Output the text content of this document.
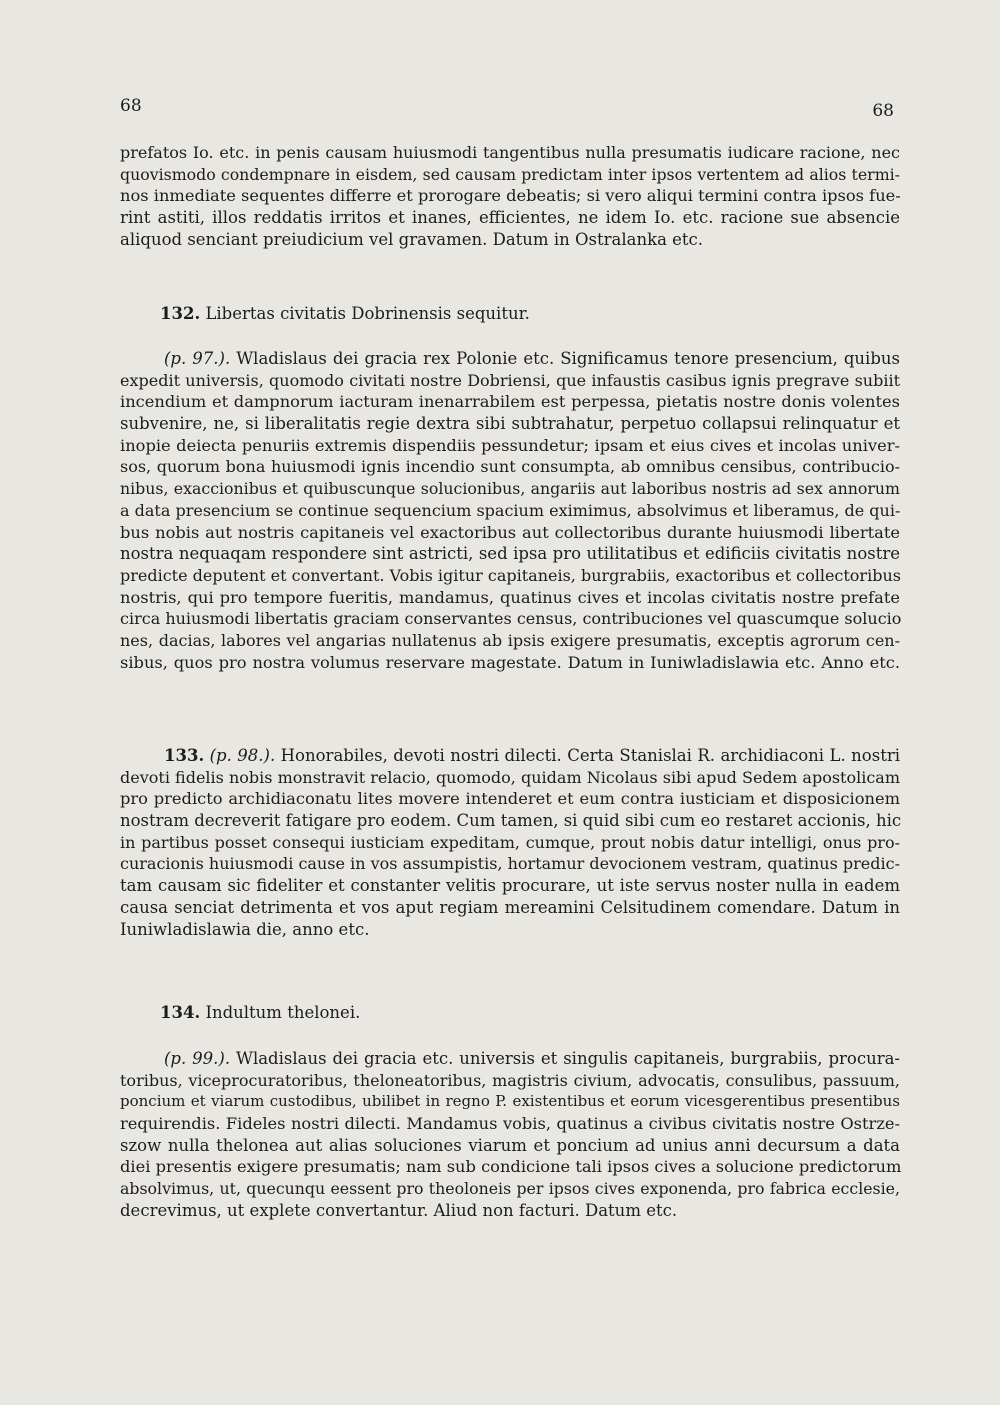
68	68
prefatos Io. etc. in penis causam huiusmodi tangentibus nulla presumatis iudicare racione, nec
quovismodo condempnare in eisdem, sed causam predictam inter ipsos vertentem ad alios termi-
nos inmediate sequentes differre et prorogare debeatis; si vero aliqui termini contra ipsos fue-
rint astiti, illos reddatis irritos et inanes, efficientes, ne idem Io. etc. racione sue absencie
aliquod senciant preiudicium vel gravamen. Datum in Ostralanka etc.
132. Libertas civitatis Dobrinensis sequitur.
(p. 97.). Wladislaus dei gracia rex Polonie etc. Significamus tenore presencium, quibus
expedit universis, quomodo civitati nostre Dobriensi, que infaustis casibus ignis pregrave subiit
incendium et dampnorum iacturam inenarrabilem est perpessa, pietatis nostre donis volentes
subvenire, ne, si liberalitatis regie dextra sibi subtrahatur, perpetuo collapsui relinquatur et
inopie deiecta penuriis extremis dispendiis pessundetur; ipsam et eius cives et incolas univer-
sos, quorum bona huiusmodi ignis incendio sunt consumpta, ab omnibus censibus, contribucio-
nibus, exaccionibus et quibuscunque solucionibus, angariis aut laboribus nostris ad sex annorum
a data presencium se continue sequencium spacium eximimus, absolvimus et liberamus, de qui-
bus nobis aut nostris capitaneis vel exactoribus aut collectoribus durante huiusmodi libertate
nostra nequaqam respondere sint astricti, sed ipsa pro utilitatibus et edificiis civitatis nostre
predicte deputent et convertant. Vobis igitur capitaneis, burgrabiis, exactoribus et collectoribus
nostris, qui pro tempore fueritis, mandamus, quatinus cives et incolas civitatis nostre prefate
circa huiusmodi libertatis graciam conservantes census, contribuciones vel quascumque solucio
nes, dacias, labores vel angarias nullatenus ab ipsis exigere presumatis, exceptis agrorum cen-
sibus, quos pro nostra volumus reservare magestate. Datum in Iuniwladislawia etc. Anno etc.
133. (p. 98.). Honorabiles, devoti nostri dilecti. Certa Stanislai R. archidiaconi L. nostri
devoti fidelis nobis monstravit relacio, quomodo, quidam Nicolaus sibi apud Sedem apostolicam
pro predicto archidiaconatu lites movere intenderet et eum contra iusticiam et disposicionem
nostram decreverit fatigare pro eodem. Cum tamen, si quid sibi cum eo restaret accionis, hic
in partibus posset consequi iusticiam expeditam, cumque, prout nobis datur intelligi, onus pro-
curacionis huiusmodi cause in vos assumpistis, hortamur devocionem vestram, quatinus predic-
tam causam sic fideliter et constanter velitis procurare, ut iste servus noster nulla in eadem
causa senciat detrimenta et vos aput regiam mereamini Celsitudinem comendare. Datum in
Iuniwladislawia die, anno etc.
134. Indultum thelonei.
(p. 99.). Wladislaus dei gracia etc. universis et singulis capitaneis, burgrabiis, procura-
toribus, viceprocuratoribus, theloneatoribus, magistris civium, advocatis, consulibus, passuum,
poncium et viarum custodibus, ubilibet in regno P. existentibus et eorum vicesgerentibus presentibus
requirendis. Fideles nostri dilecti. Mandamus vobis, quatinus a civibus civitatis nostre Ostrze-
szow nulla thelonea aut alias soluciones viarum et poncium ad unius anni decursum a data
diei presentis exigere presumatis; nam sub condicione tali ipsos cives a solucione predictorum
absolvimus, ut, quecunqu eessent pro theoloneis per ipsos cives exponenda, pro fabrica ecclesie,
decrevimus, ut explete convertantur. Aliud non facturi. Datum etc.
